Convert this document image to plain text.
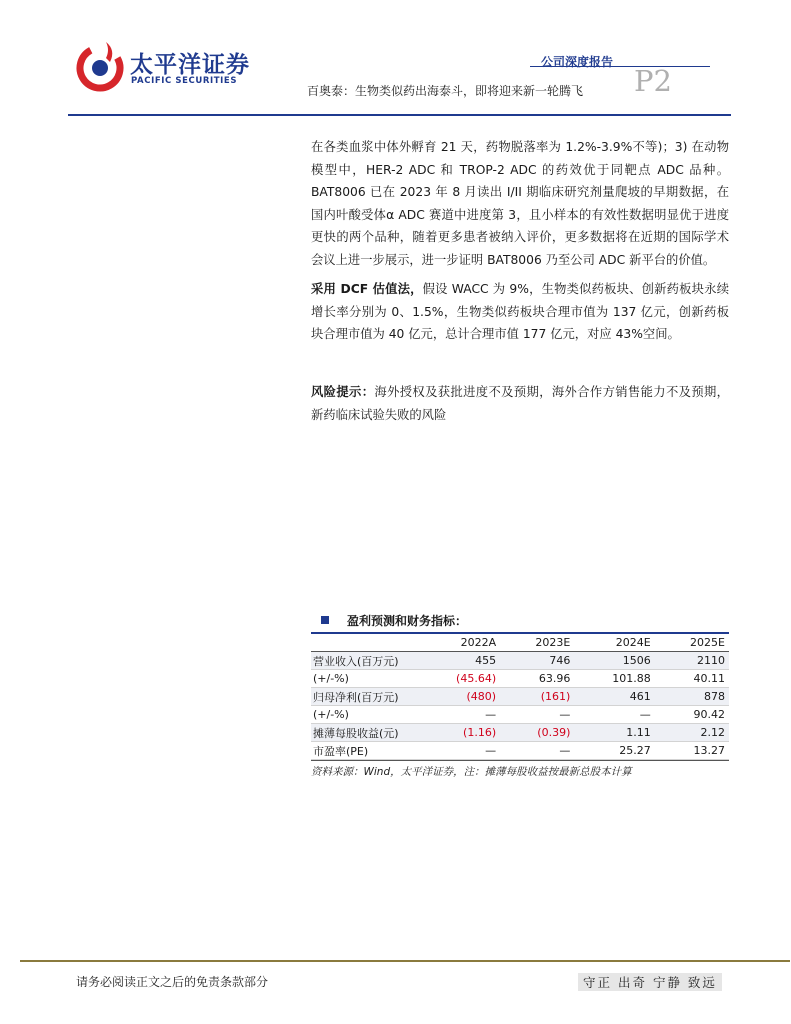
太平洋证券
PACIFIC SECURITIES
公司深度报告
百奥泰：生物类似药出海泰斗，即将迎来新一轮腾飞 P2
在各类血浆中体外孵育 21 天，药物脱落率为 1.2%-3.9%不等)；3) 在动物模型中，HER-2 ADC 和 TROP-2 ADC 的药效优于同靶点 ADC 品种。BAT8006 已在 2023 年 8 月读出 I/II 期临床研究剂量爬坡的早期数据，在国内叶酸受体α ADC 赛道中进度第 3，且小样本的有效性数据明显优于进度更快的两个品种，随着更多患者被纳入评价，更多数据将在近期的国际学术会议上进一步展示，进一步证明 BAT8006 乃至公司 ADC 新平台的价值。
采用 DCF 估值法，假设 WACC 为 9%，生物类似药板块、创新药板块永续增长率分别为 0、1.5%，生物类似药板块合理市值为 137 亿元，创新药板块合理市值为 40 亿元，总计合理市值 177 亿元，对应 43%空间。
风险提示：海外授权及获批进度不及预期，海外合作方销售能力不及预期，新药临床试验失败的风险
盈利预测和财务指标：
	2022A	2023E	2024E	2025E
营业收入(百万元)	455	746	1506	2110
(+/-%)	(45.64)	63.96	101.88	40.11
归母净利(百万元)	(480)	(161)	461	878
(+/-%)	—	—	—	90.42
摊薄每股收益(元)	(1.16)	(0.39)	1.11	2.12
市盈率(PE)	—	—	25.27	13.27
资料来源：Wind，太平洋证券，注：摊薄每股收益按最新总股本计算
请务必阅读正文之后的免责条款部分	守正 出奇 宁静 致远
